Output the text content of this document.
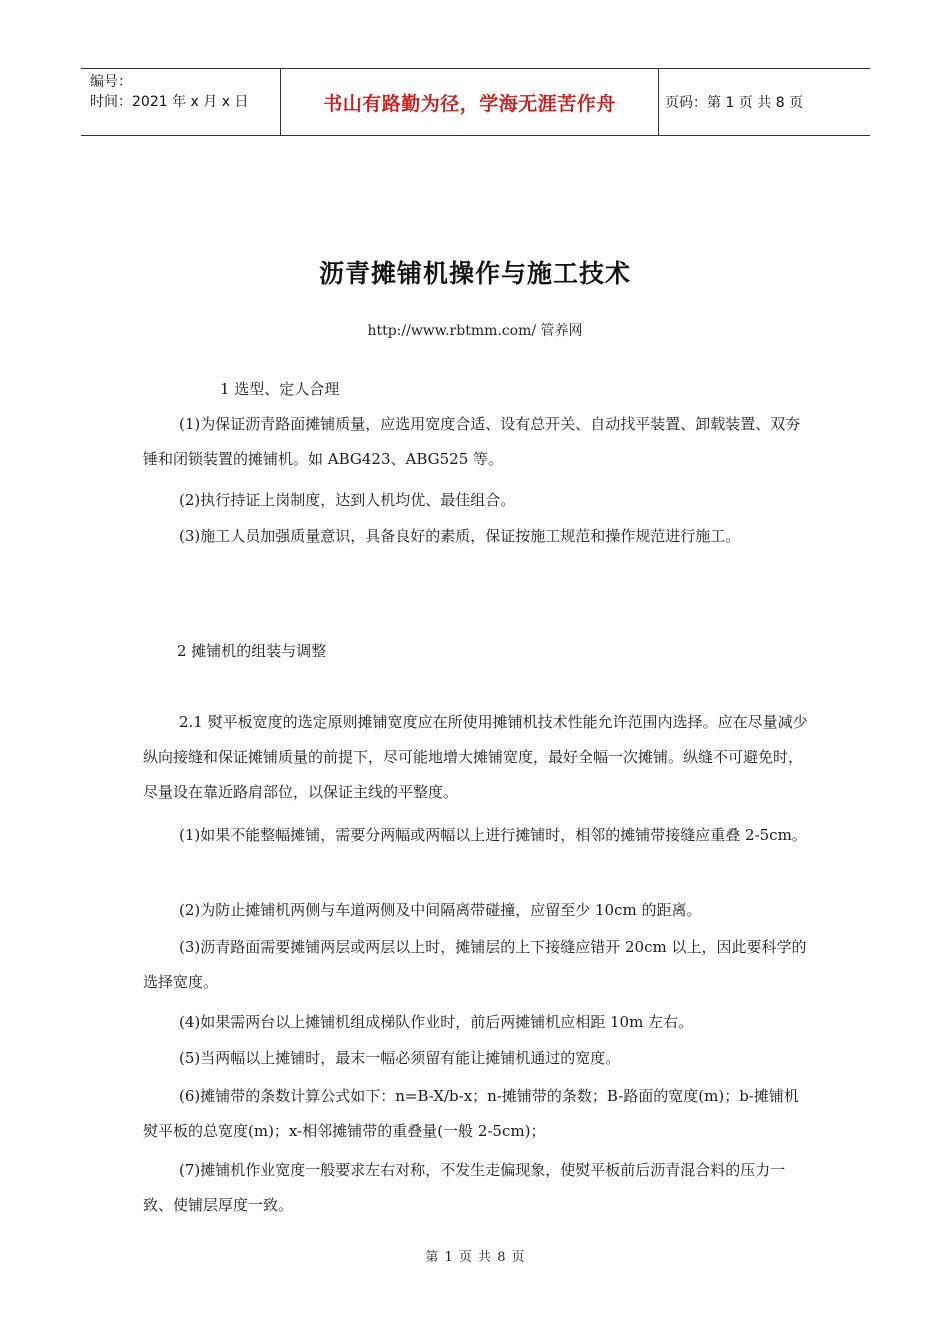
编号：
时间：2021 年 x 月 x 日	书山有路勤为径，学海无涯苦作舟	页码：第 1 页 共 8 页
沥青摊铺机操作与施工技术
http://www.rbtmm.com/ 管养网
1 选型、定人合理

(1)为保证沥青路面摊铺质量，应选用宽度合适、设有总开关、自动找平装置、卸载装置、双夯锤和闭锁装置的摊铺机。如 ABG423、ABG525 等。

(2)执行持证上岗制度，达到人机均优、最佳组合。

(3)施工人员加强质量意识，具备良好的素质，保证按施工规范和操作规范进行施工。

2 摊铺机的组装与调整

2.1 熨平板宽度的选定原则摊铺宽度应在所使用摊铺机技术性能允许范围内选择。应在尽量减少纵向接缝和保证摊铺质量的前提下，尽可能地增大摊铺宽度，最好全幅一次摊铺。纵缝不可避免时，尽量设在靠近路肩部位，以保证主线的平整度。

(1)如果不能整幅摊铺，需要分两幅或两幅以上进行摊铺时，相邻的摊铺带接缝应重叠 2-5cm。

(2)为防止摊铺机两侧与车道两侧及中间隔离带碰撞，应留至少 10cm 的距离。

(3)沥青路面需要摊铺两层或两层以上时，摊铺层的上下接缝应错开 20cm 以上，因此要科学的选择宽度。

(4)如果需两台以上摊铺机组成梯队作业时，前后两摊铺机应相距 10m 左右。

(5)当两幅以上摊铺时，最末一幅必须留有能让摊铺机通过的宽度。

(6)摊铺带的条数计算公式如下：n=B-X/b-x；n-摊铺带的条数；B-路面的宽度(m)；b-摊铺机熨平板的总宽度(m)；x-相邻摊铺带的重叠量(一般 2-5cm)；

(7)摊铺机作业宽度一般要求左右对称，不发生走偏现象，使熨平板前后沥青混合料的压力一致、使铺层厚度一致。

第 1 页 共 8 页
